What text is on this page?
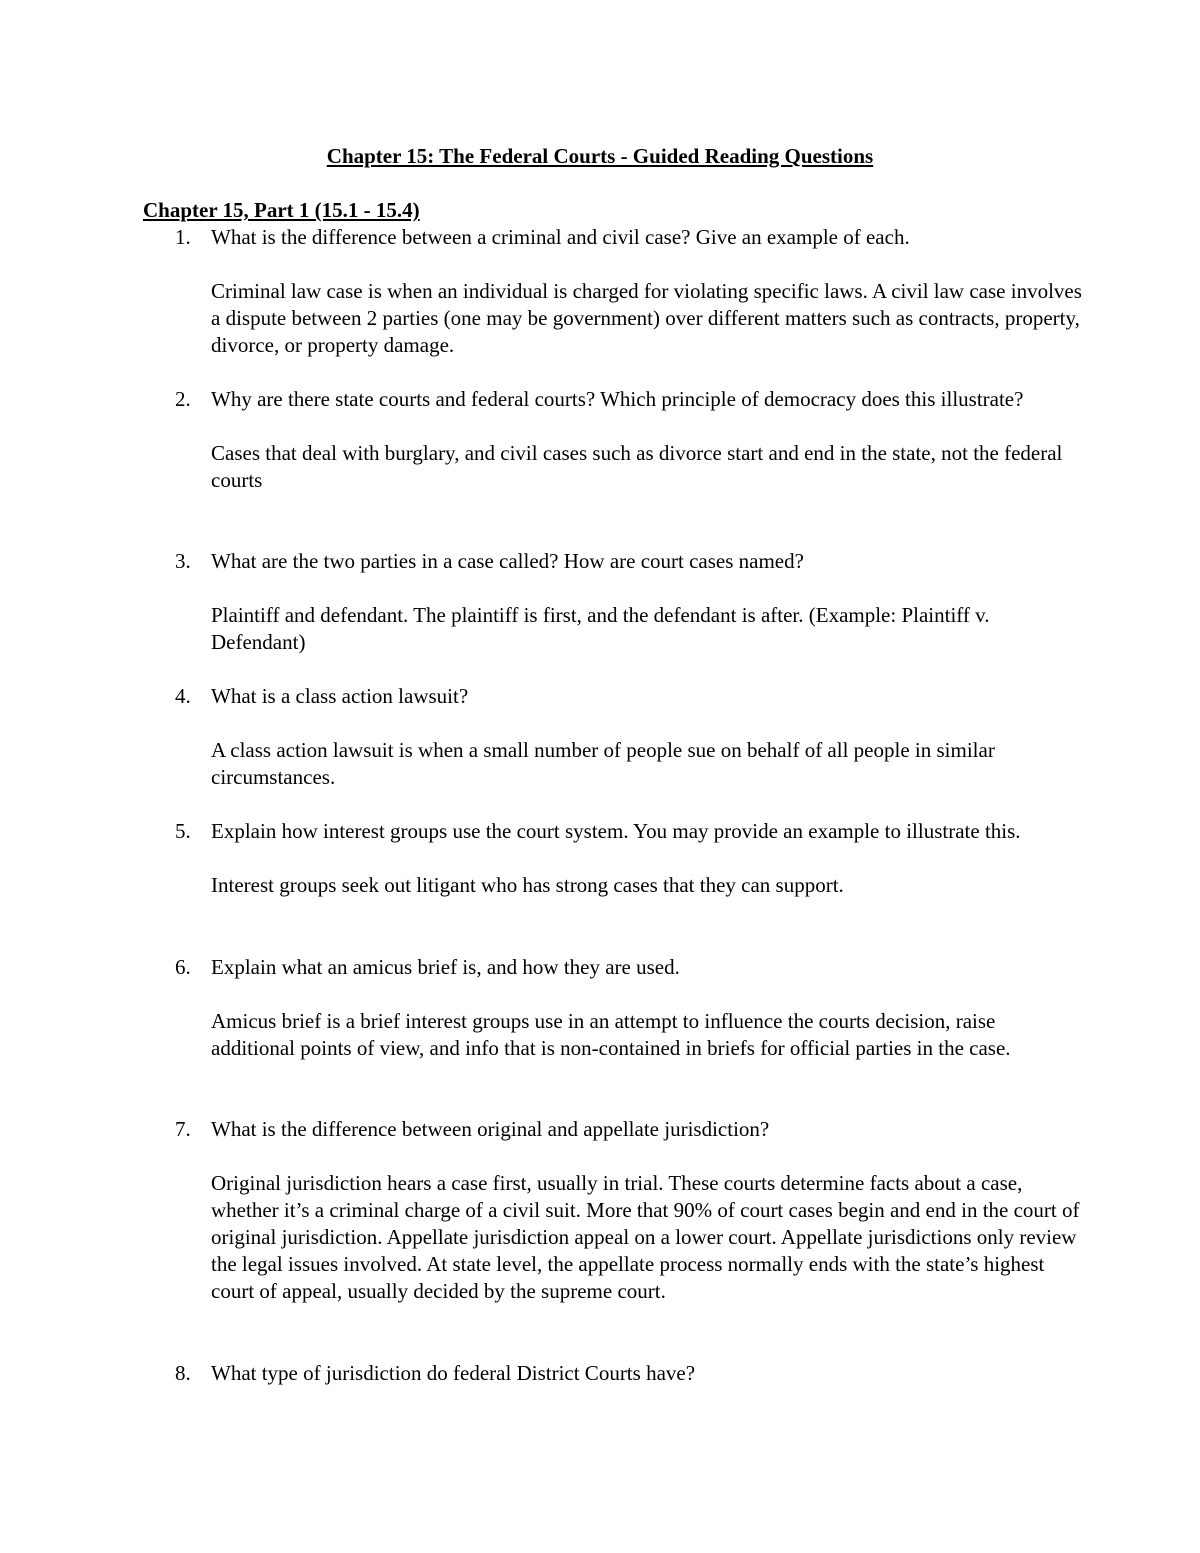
Chapter 15: The Federal Courts - Guided Reading Questions
Chapter 15, Part 1 (15.1 - 15.4)
1. What is the difference between a criminal and civil case? Give an example of each.
Criminal law case is when an individual is charged for violating specific laws. A civil law case involves a dispute between 2 parties (one may be government) over different matters such as contracts, property, divorce, or property damage.
2. Why are there state courts and federal courts? Which principle of democracy does this illustrate?
Cases that deal with burglary, and civil cases such as divorce start and end in the state, not the federal courts
3. What are the two parties in a case called? How are court cases named?
Plaintiff and defendant. The plaintiff is first, and the defendant is after. (Example: Plaintiff v. Defendant)
4. What is a class action lawsuit?
A class action lawsuit is when a small number of people sue on behalf of all people in similar circumstances.
5. Explain how interest groups use the court system. You may provide an example to illustrate this.
Interest groups seek out litigant who has strong cases that they can support.
6. Explain what an amicus brief is, and how they are used.
Amicus brief is a brief interest groups use in an attempt to influence the courts decision, raise additional points of view, and info that is non-contained in briefs for official parties in the case.
7. What is the difference between original and appellate jurisdiction?
Original jurisdiction hears a case first, usually in trial. These courts determine facts about a case, whether it’s a criminal charge of a civil suit. More that 90% of court cases begin and end in the court of original jurisdiction. Appellate jurisdiction appeal on a lower court. Appellate jurisdictions only review the legal issues involved. At state level, the appellate process normally ends with the state’s highest court of appeal, usually decided by the supreme court.
8. What type of jurisdiction do federal District Courts have?
